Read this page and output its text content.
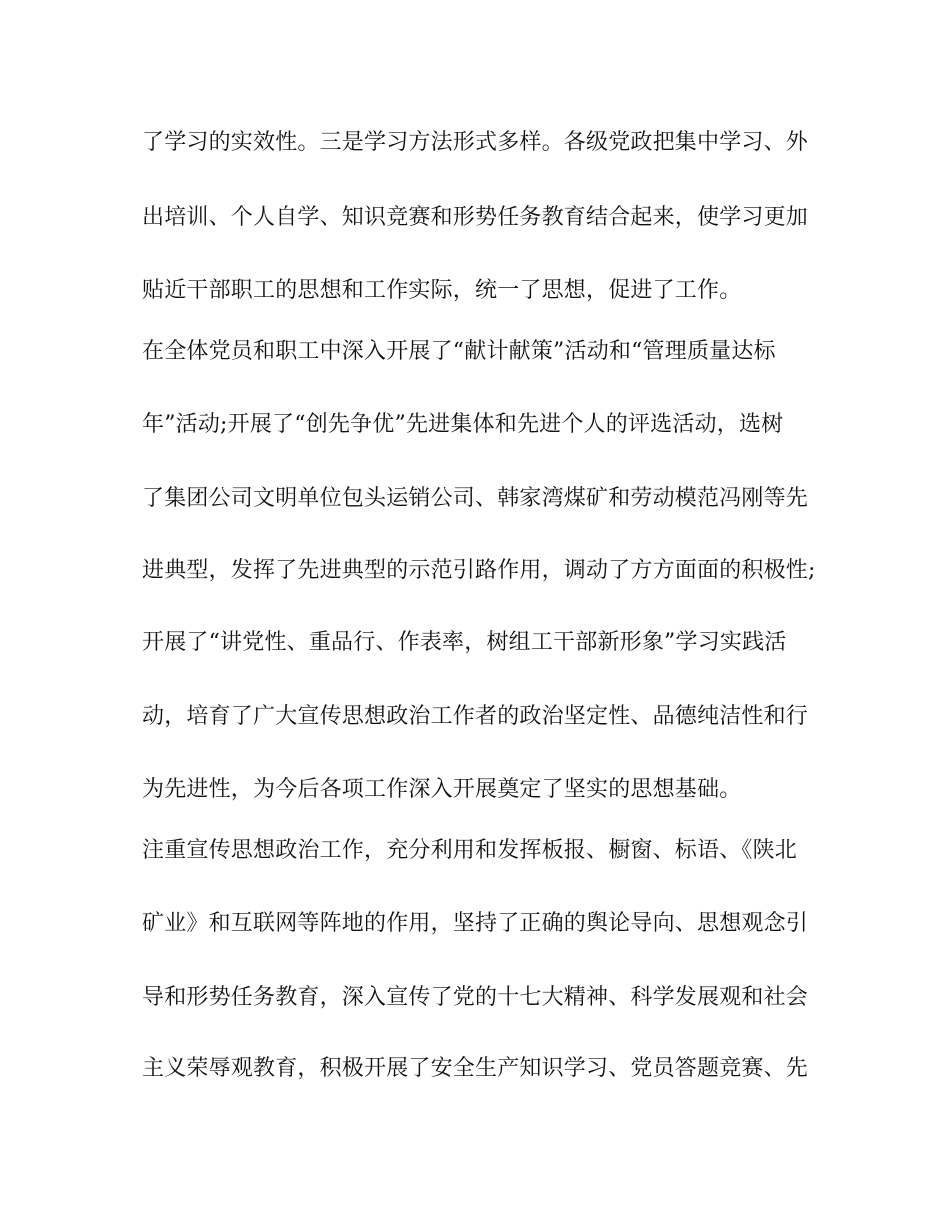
了学习的实效性。三是学习方法形式多样。各级党政把集中学习、外
出培训、个人自学、知识竞赛和形势任务教育结合起来，使学习更加
贴近干部职工的思想和工作实际，统一了思想，促进了工作。
在全体党员和职工中深入开展了“献计献策”活动和“管理质量达标
年”活动;开展了“创先争优”先进集体和先进个人的评选活动，选树
了集团公司文明单位包头运销公司、韩家湾煤矿和劳动模范冯刚等先
进典型，发挥了先进典型的示范引路作用，调动了方方面面的积极性;
开展了“讲党性、重品行、作表率，树组工干部新形象”学习实践活
动，培育了广大宣传思想政治工作者的政治坚定性、品德纯洁性和行
为先进性，为今后各项工作深入开展奠定了坚实的思想基础。
注重宣传思想政治工作，充分利用和发挥板报、橱窗、标语、《陕北
矿业》和互联网等阵地的作用，坚持了正确的舆论导向、思想观念引
导和形势任务教育，深入宣传了党的十七大精神、科学发展观和社会
主义荣辱观教育，积极开展了安全生产知识学习、党员答题竞赛、先
